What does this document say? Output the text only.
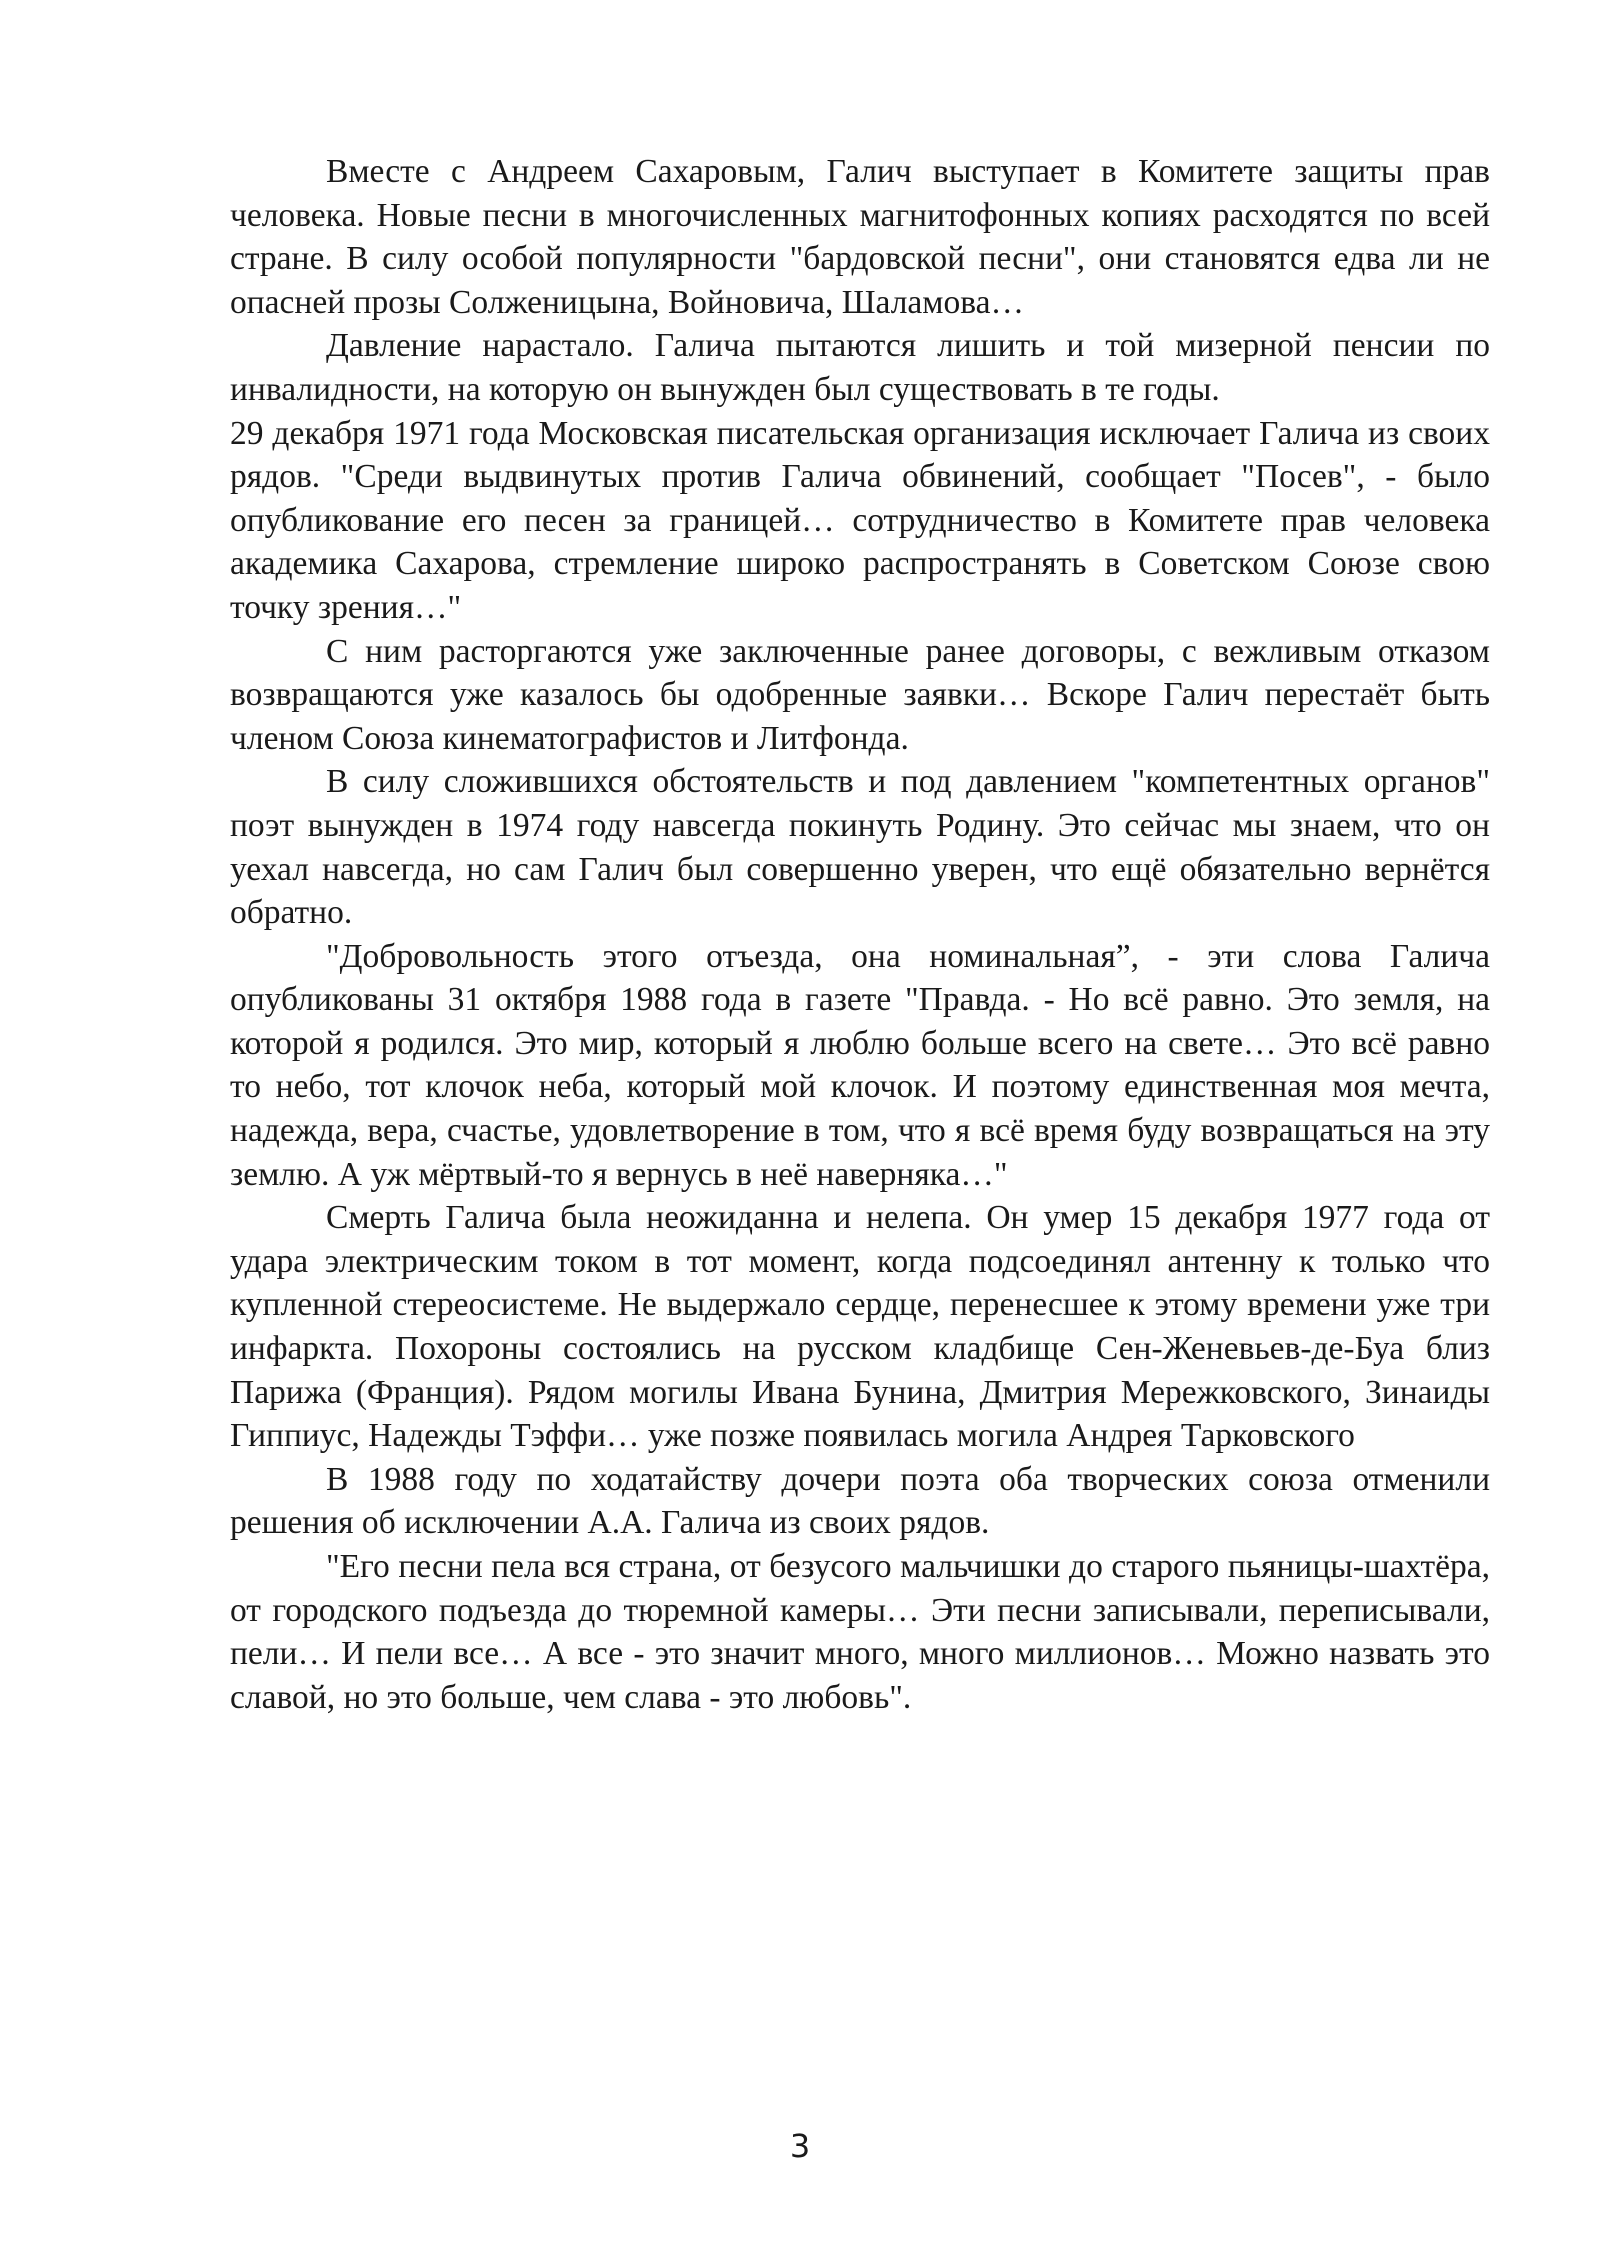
Вместе с Андреем Сахаровым, Галич выступает в Комитете защиты прав человека. Новые песни в многочисленных магнитофонных копиях расходятся по всей стране. В силу особой популярности "бардовской песни", они становятся едва ли не опасней прозы Солженицына, Войновича, Шаламова…

Давление нарастало. Галича пытаются лишить и той мизерной пенсии по инвалидности, на которую он вынужден был существовать в те годы.

29 декабря 1971 года Московская писательская организация исключает Галича из своих рядов. "Среди выдвинутых против Галича обвинений, сообщает "Посев", - было опубликование его песен за границей… сотрудничество в Комитете прав человека академика Сахарова, стремление широко распространять в Советском Союзе свою точку зрения…"

С ним расторгаются уже заключенные ранее договоры, с вежливым отказом возвращаются уже казалось бы одобренные заявки… Вскоре Галич перестаёт быть членом Союза кинематографистов и Литфонда.

В силу сложившихся обстоятельств и под давлением "компетентных органов" поэт вынужден в 1974 году навсегда покинуть Родину. Это сейчас мы знаем, что он уехал навсегда, но сам Галич был совершенно уверен, что ещё обязательно вернётся обратно.

"Добровольность этого отъезда, она номинальная”, - эти слова Галича опубликованы 31 октября 1988 года в газете "Правда. - Но всё равно. Это земля, на которой я родился. Это мир, который я люблю больше всего на свете… Это всё равно то небо, тот клочок неба, который мой клочок. И поэтому единственная моя мечта, надежда, вера, счастье, удовлетворение в том, что я всё время буду возвращаться на эту землю. А уж мёртвый-то я вернусь в неё наверняка…"

Смерть Галича была неожиданна и нелепа. Он умер 15 декабря 1977 года от удара электрическим током в тот момент, когда подсоединял антенну к только что купленной стереосистеме. Не выдержало сердце, перенесшее к этому времени уже три инфаркта. Похороны состоялись на русском кладбище Сен-Женевьев-де-Буа близ Парижа (Франция). Рядом могилы Ивана Бунина, Дмитрия Мережковского, Зинаиды Гиппиус, Надежды Тэффи… уже позже появилась могила Андрея Тарковского

В 1988 году по ходатайству дочери поэта оба творческих союза отменили решения об исключении А.А. Галича из своих рядов.

"Его песни пела вся страна, от безусого мальчишки до старого пьяницы-шахтёра, от городского подъезда до тюремной камеры… Эти песни записывали, переписывали, пели… И пели все… А все - это значит много, много миллионов… Можно назвать это славой, но это больше, чем слава - это любовь".

3
